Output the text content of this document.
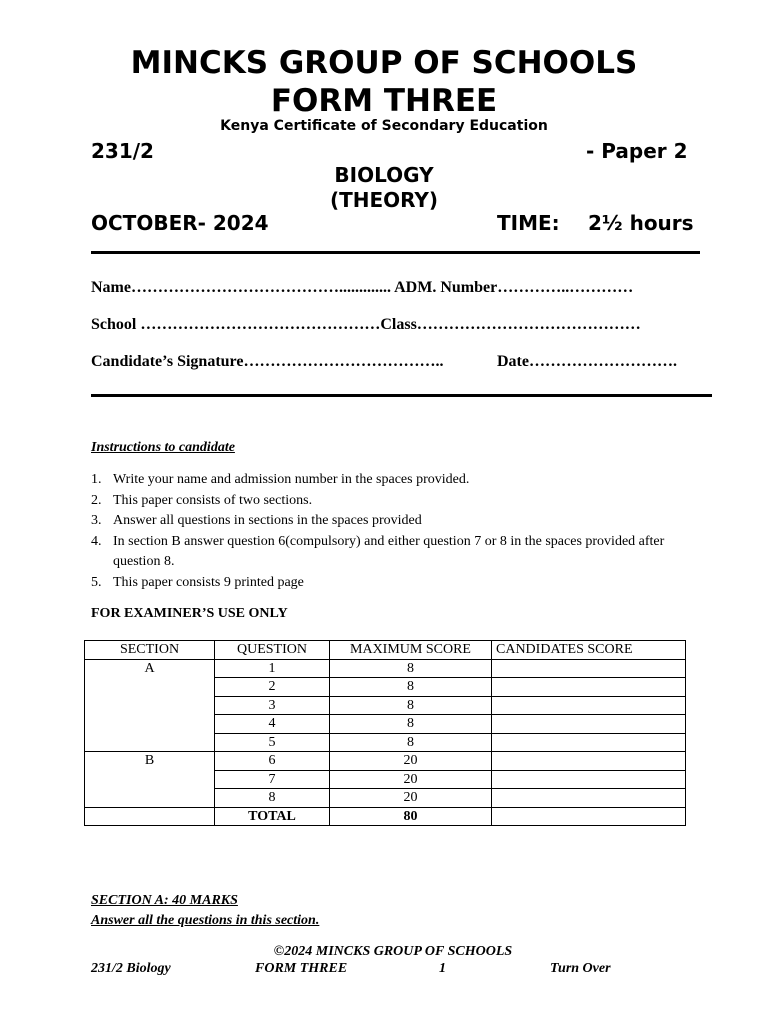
MINCKS GROUP OF SCHOOLS
FORM THREE
Kenya Certificate of Secondary Education
231/2	- Paper 2
BIOLOGY
(THEORY)
OCTOBER- 2024	TIME: 2½ hours
Name…………………………………............. ADM. Number…………..…………
School ………………………………………Class……………………………………
Candidate’s Signature………………………………..	Date……………………….
Instructions to candidate
1. Write your name and admission number in the spaces provided.
2. This paper consists of two sections.
3. Answer all questions in sections in the spaces provided
4. In section B answer question 6(compulsory) and either question 7 or 8 in the spaces provided after question 8.
5. This paper consists 9 printed page
FOR EXAMINER’S USE ONLY
SECTION	QUESTION	MAXIMUM SCORE	CANDIDATES SCORE
A	1	8	
	2	8	
	3	8	
	4	8	
	5	8	
B	6	20	
	7	20	
	8	20	
	TOTAL	80	
SECTION A: 40 MARKS
Answer all the questions in this section.
©2024 MINCKS GROUP OF SCHOOLS
231/2 Biology	FORM THREE	1	Turn Over
